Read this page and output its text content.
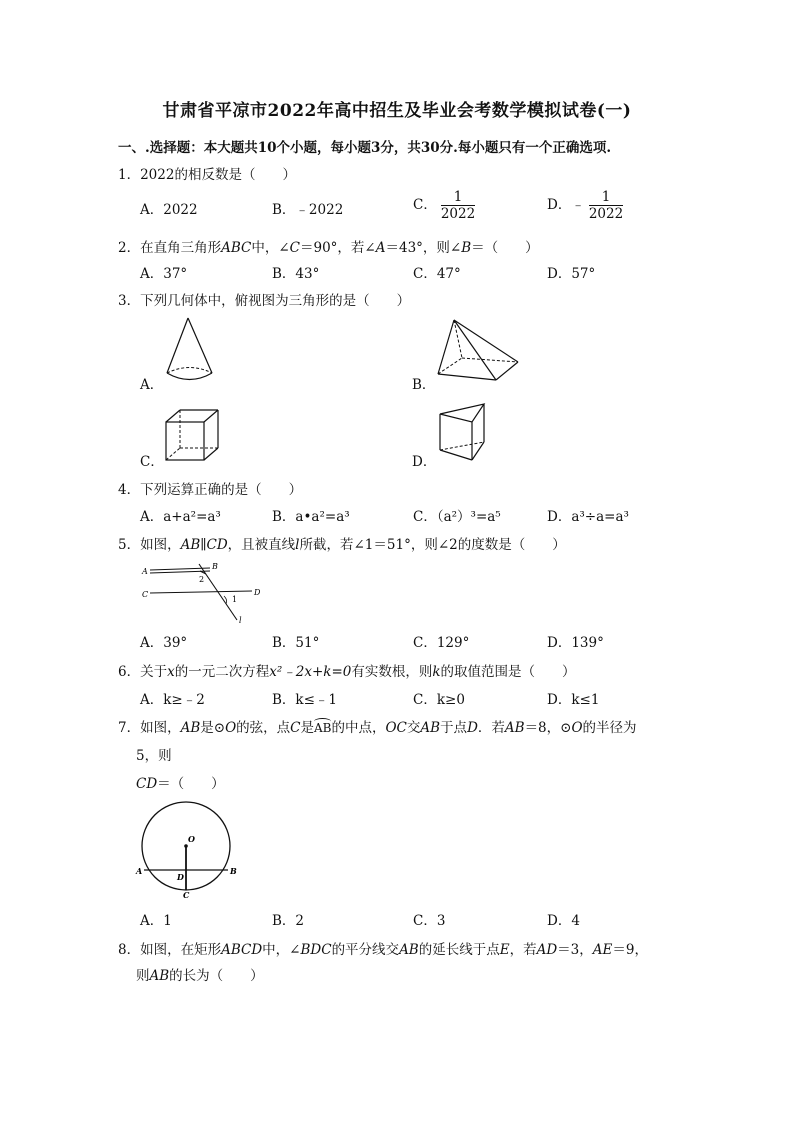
甘肃省平凉市2022年高中招生及毕业会考数学模拟试卷(一)
一、.选择题：本大题共10个小题，每小题3分，共30分.每小题只有一个正确选项.
1．2022的相反数是（　　）
A．2022	B．﹣2022	C． $\frac{1}{2022}$	D．﹣ $\frac{1}{2022}$
2．在直角三角形ABC中，∠C＝90°，若∠A＝43°，则∠B＝（　　）
A．37°	B．43°	C．47°	D．57°
3．下列几何体中，俯视图为三角形的是（　　）
A．	B．
C．	D．
4．下列运算正确的是（　　）
A．a+a²=a³	B．a•a²=a³	C．（a²）³=a⁵	D．a³÷a=a³
5．如图，AB∥CD，且被直线l所截，若∠1＝51°，则∠2的度数是（　　）
A
B
C	D
2
1
l
A．39°	B．51°	C．129°	D．139°
6．关于x的一元二次方程x²﹣2x+k=0有实数根，则k的取值范围是（　　）
A．k≥﹣2	B．k≤﹣1	C．k≥0	D．k≤1
7．如图，AB是⊙O的弦，点C是AB的中点，OC交AB于点D．若AB＝8，⊙O的半径为
5，则
CD＝（　　）
O
A	B
D
C
A．1	B．2	C．3	D．4
8．如图，在矩形ABCD中，∠BDC的平分线交AB的延长线于点E，若AD＝3，AE＝9，
则AB的长为（　　）
